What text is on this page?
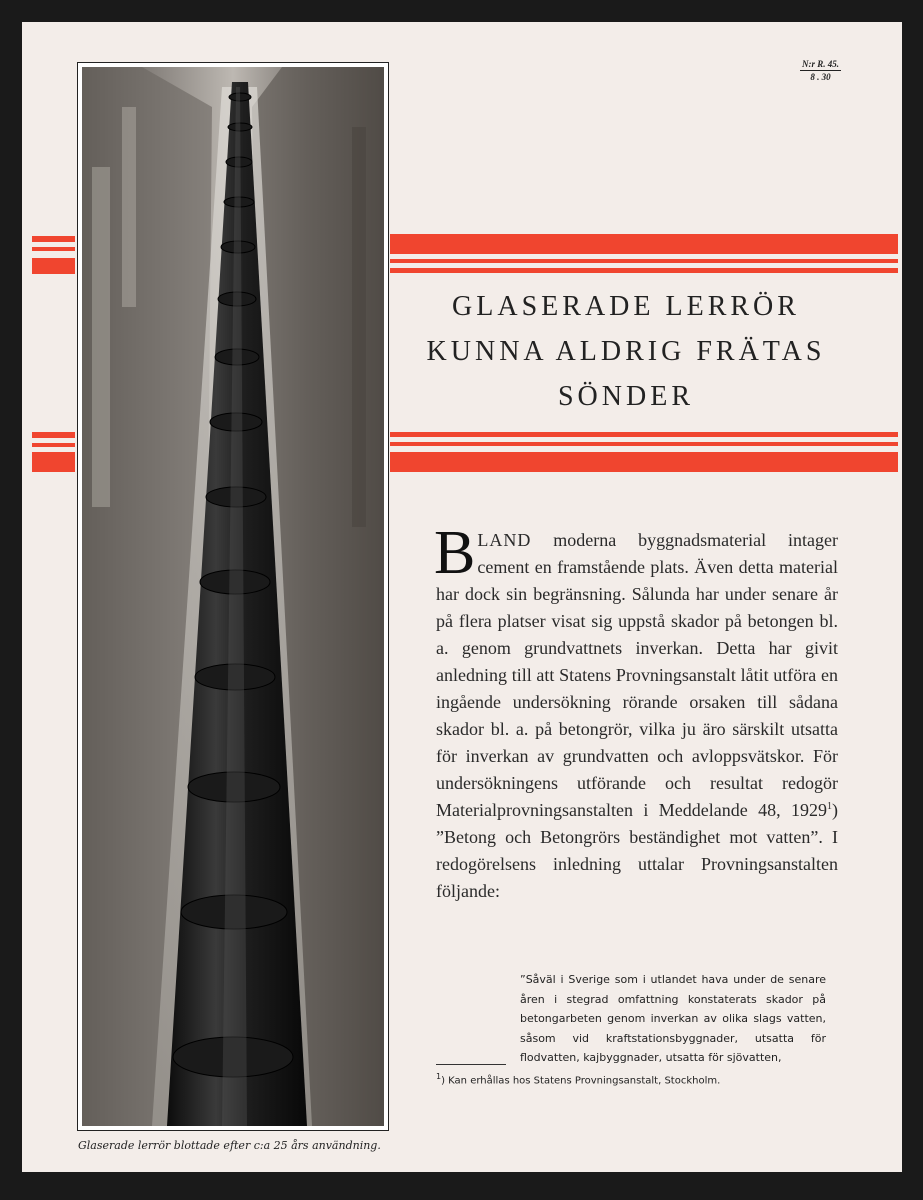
N:r R. 45.
8 . 30
Glaserade lerrör blottade efter c:a 25 års användning.
GLASERADE LERRÖR
KUNNA ALDRIG FRÄTAS
SÖNDER
BLAND moderna byggnadsmaterial intager cement en framstående plats. Även detta material har dock sin begränsning. Sålunda har under senare år på flera platser visat sig uppstå skador på betongen bl. a. genom grundvattnets inverkan. Detta har givit anledning till att Statens Provningsanstalt låtit utföra en ingående undersökning rörande orsaken till sådana skador bl. a. på betongrör, vilka ju äro särskilt utsatta för inverkan av grundvatten och avloppsvätskor. För undersökningens utförande och resultat redogör Materialprovningsanstalten i Meddelande 48, 1929$^1$) ”Betong och Betongrörs beständighet mot vatten”. I redogörelsens inledning uttalar Provningsanstalten följande:
”Såväl i Sverige som i utlandet hava under de senare åren i stegrad omfattning konstaterats skador på betongarbeten genom inverkan av olika slags vatten, såsom vid kraftstationsbyggnader, utsatta för flodvatten, kajbyggnader, utsatta för sjövatten,
$^1$) Kan erhållas hos Statens Provningsanstalt, Stockholm.
